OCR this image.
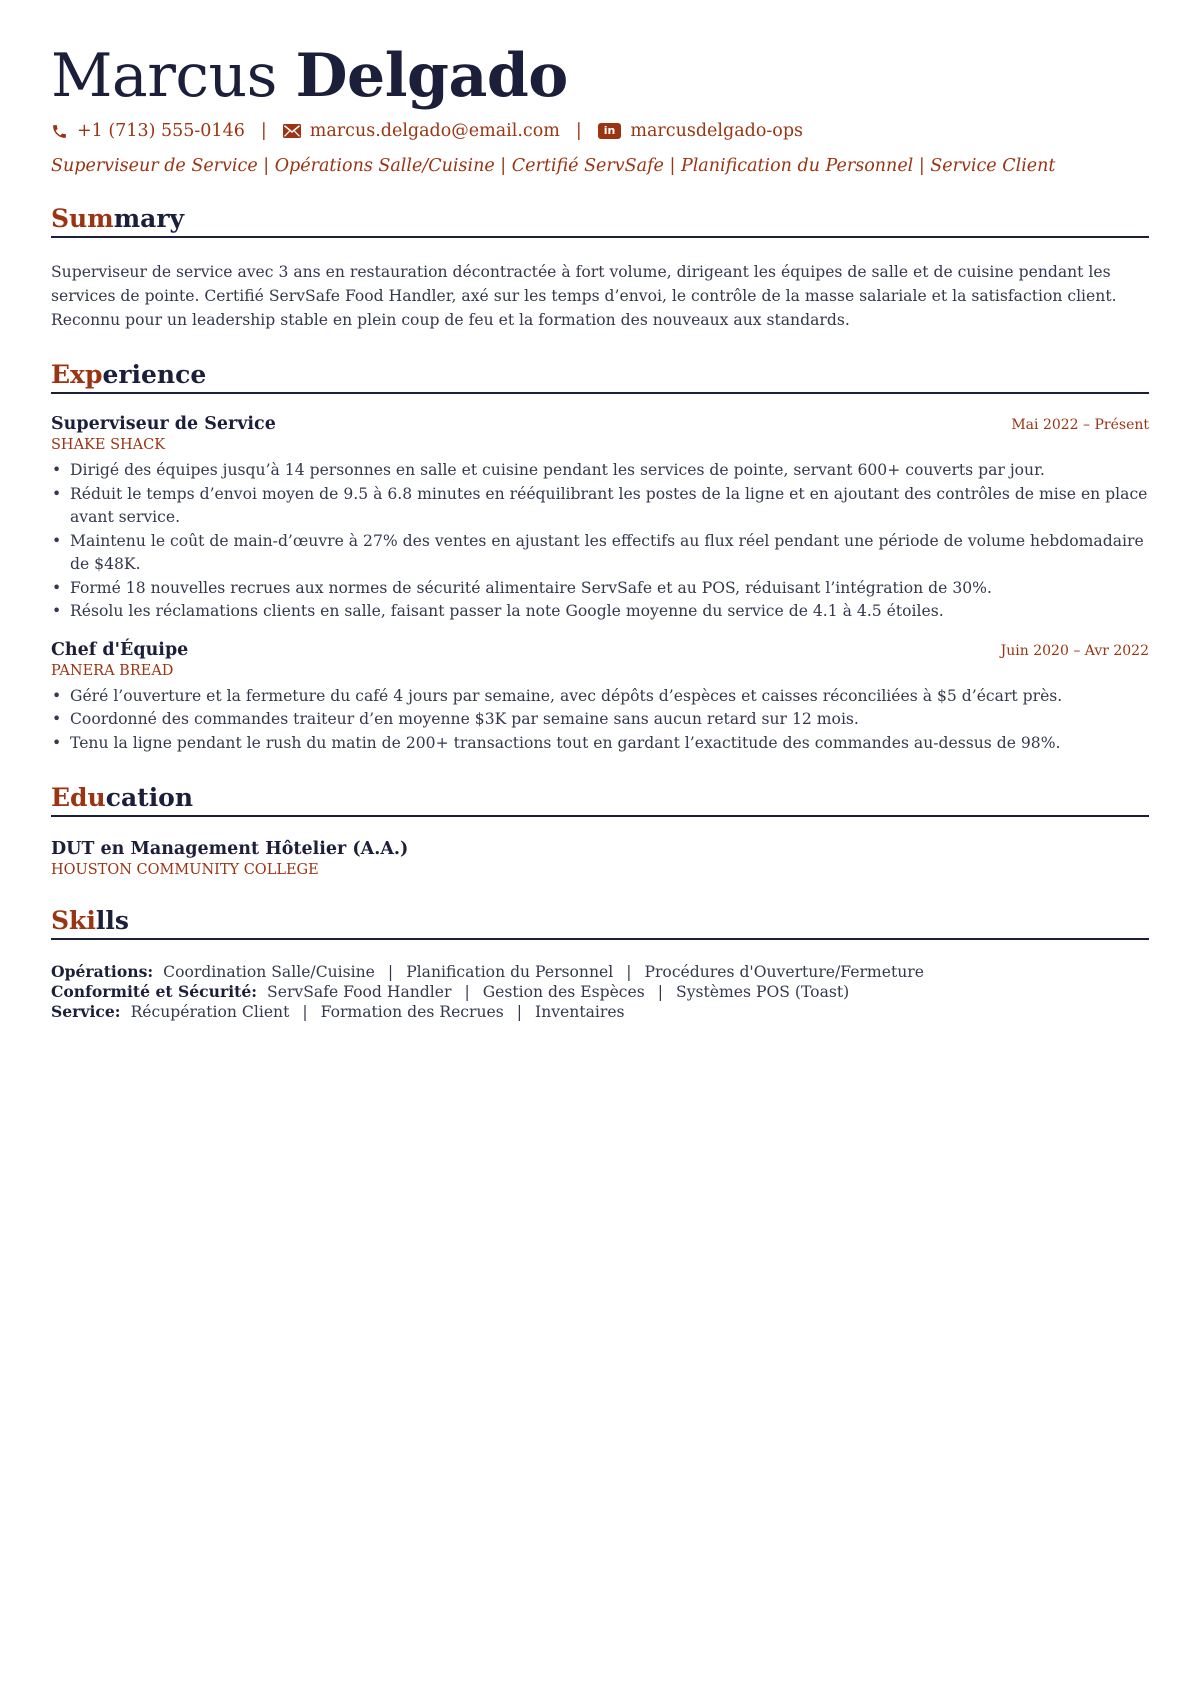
Marcus Delgado
+1 (713) 555-0146 | marcus.delgado@email.com |	in marcusdelgado-ops
Superviseur de Service | Opérations Salle/Cuisine | Certifié ServSafe | Planification du Personnel | Service Client
Summary
Superviseur de service avec 3 ans en restauration décontractée à fort volume, dirigeant les équipes de salle et de cuisine pendant les services de pointe. Certifié ServSafe Food Handler, axé sur les temps d’envoi, le contrôle de la masse salariale et la satisfaction client. Reconnu pour un leadership stable en plein coup de feu et la formation des nouveaux aux standards.
Experience
Superviseur de Service	Mai 2022 – Présent
SHAKE SHACK
• Dirigé des équipes jusqu’à 14 personnes en salle et cuisine pendant les services de pointe, servant 600+ couverts par jour.
• Réduit le temps d’envoi moyen de 9.5 à 6.8 minutes en rééquilibrant les postes de la ligne et en ajoutant des contrôles de mise en place avant service.
• Maintenu le coût de main-d’œuvre à 27% des ventes en ajustant les effectifs au flux réel pendant une période de volume hebdomadaire de $48K.
• Formé 18 nouvelles recrues aux normes de sécurité alimentaire ServSafe et au POS, réduisant l’intégration de 30%.
• Résolu les réclamations clients en salle, faisant passer la note Google moyenne du service de 4.1 à 4.5 étoiles.
Chef d'Équipe	Juin 2020 – Avr 2022
PANERA BREAD
• Géré l’ouverture et la fermeture du café 4 jours par semaine, avec dépôts d’espèces et caisses réconciliées à $5 d’écart près.
• Coordonné des commandes traiteur d’en moyenne $3K par semaine sans aucun retard sur 12 mois.
• Tenu la ligne pendant le rush du matin de 200+ transactions tout en gardant l’exactitude des commandes au-dessus de 98%.
Education
DUT en Management Hôtelier (A.A.)
HOUSTON COMMUNITY COLLEGE
Skills
Opérations: Coordination Salle/Cuisine | Planification du Personnel | Procédures d'Ouverture/Fermeture
Conformité et Sécurité: ServSafe Food Handler | Gestion des Espèces | Systèmes POS (Toast)
Service: Récupération Client | Formation des Recrues | Inventaires
